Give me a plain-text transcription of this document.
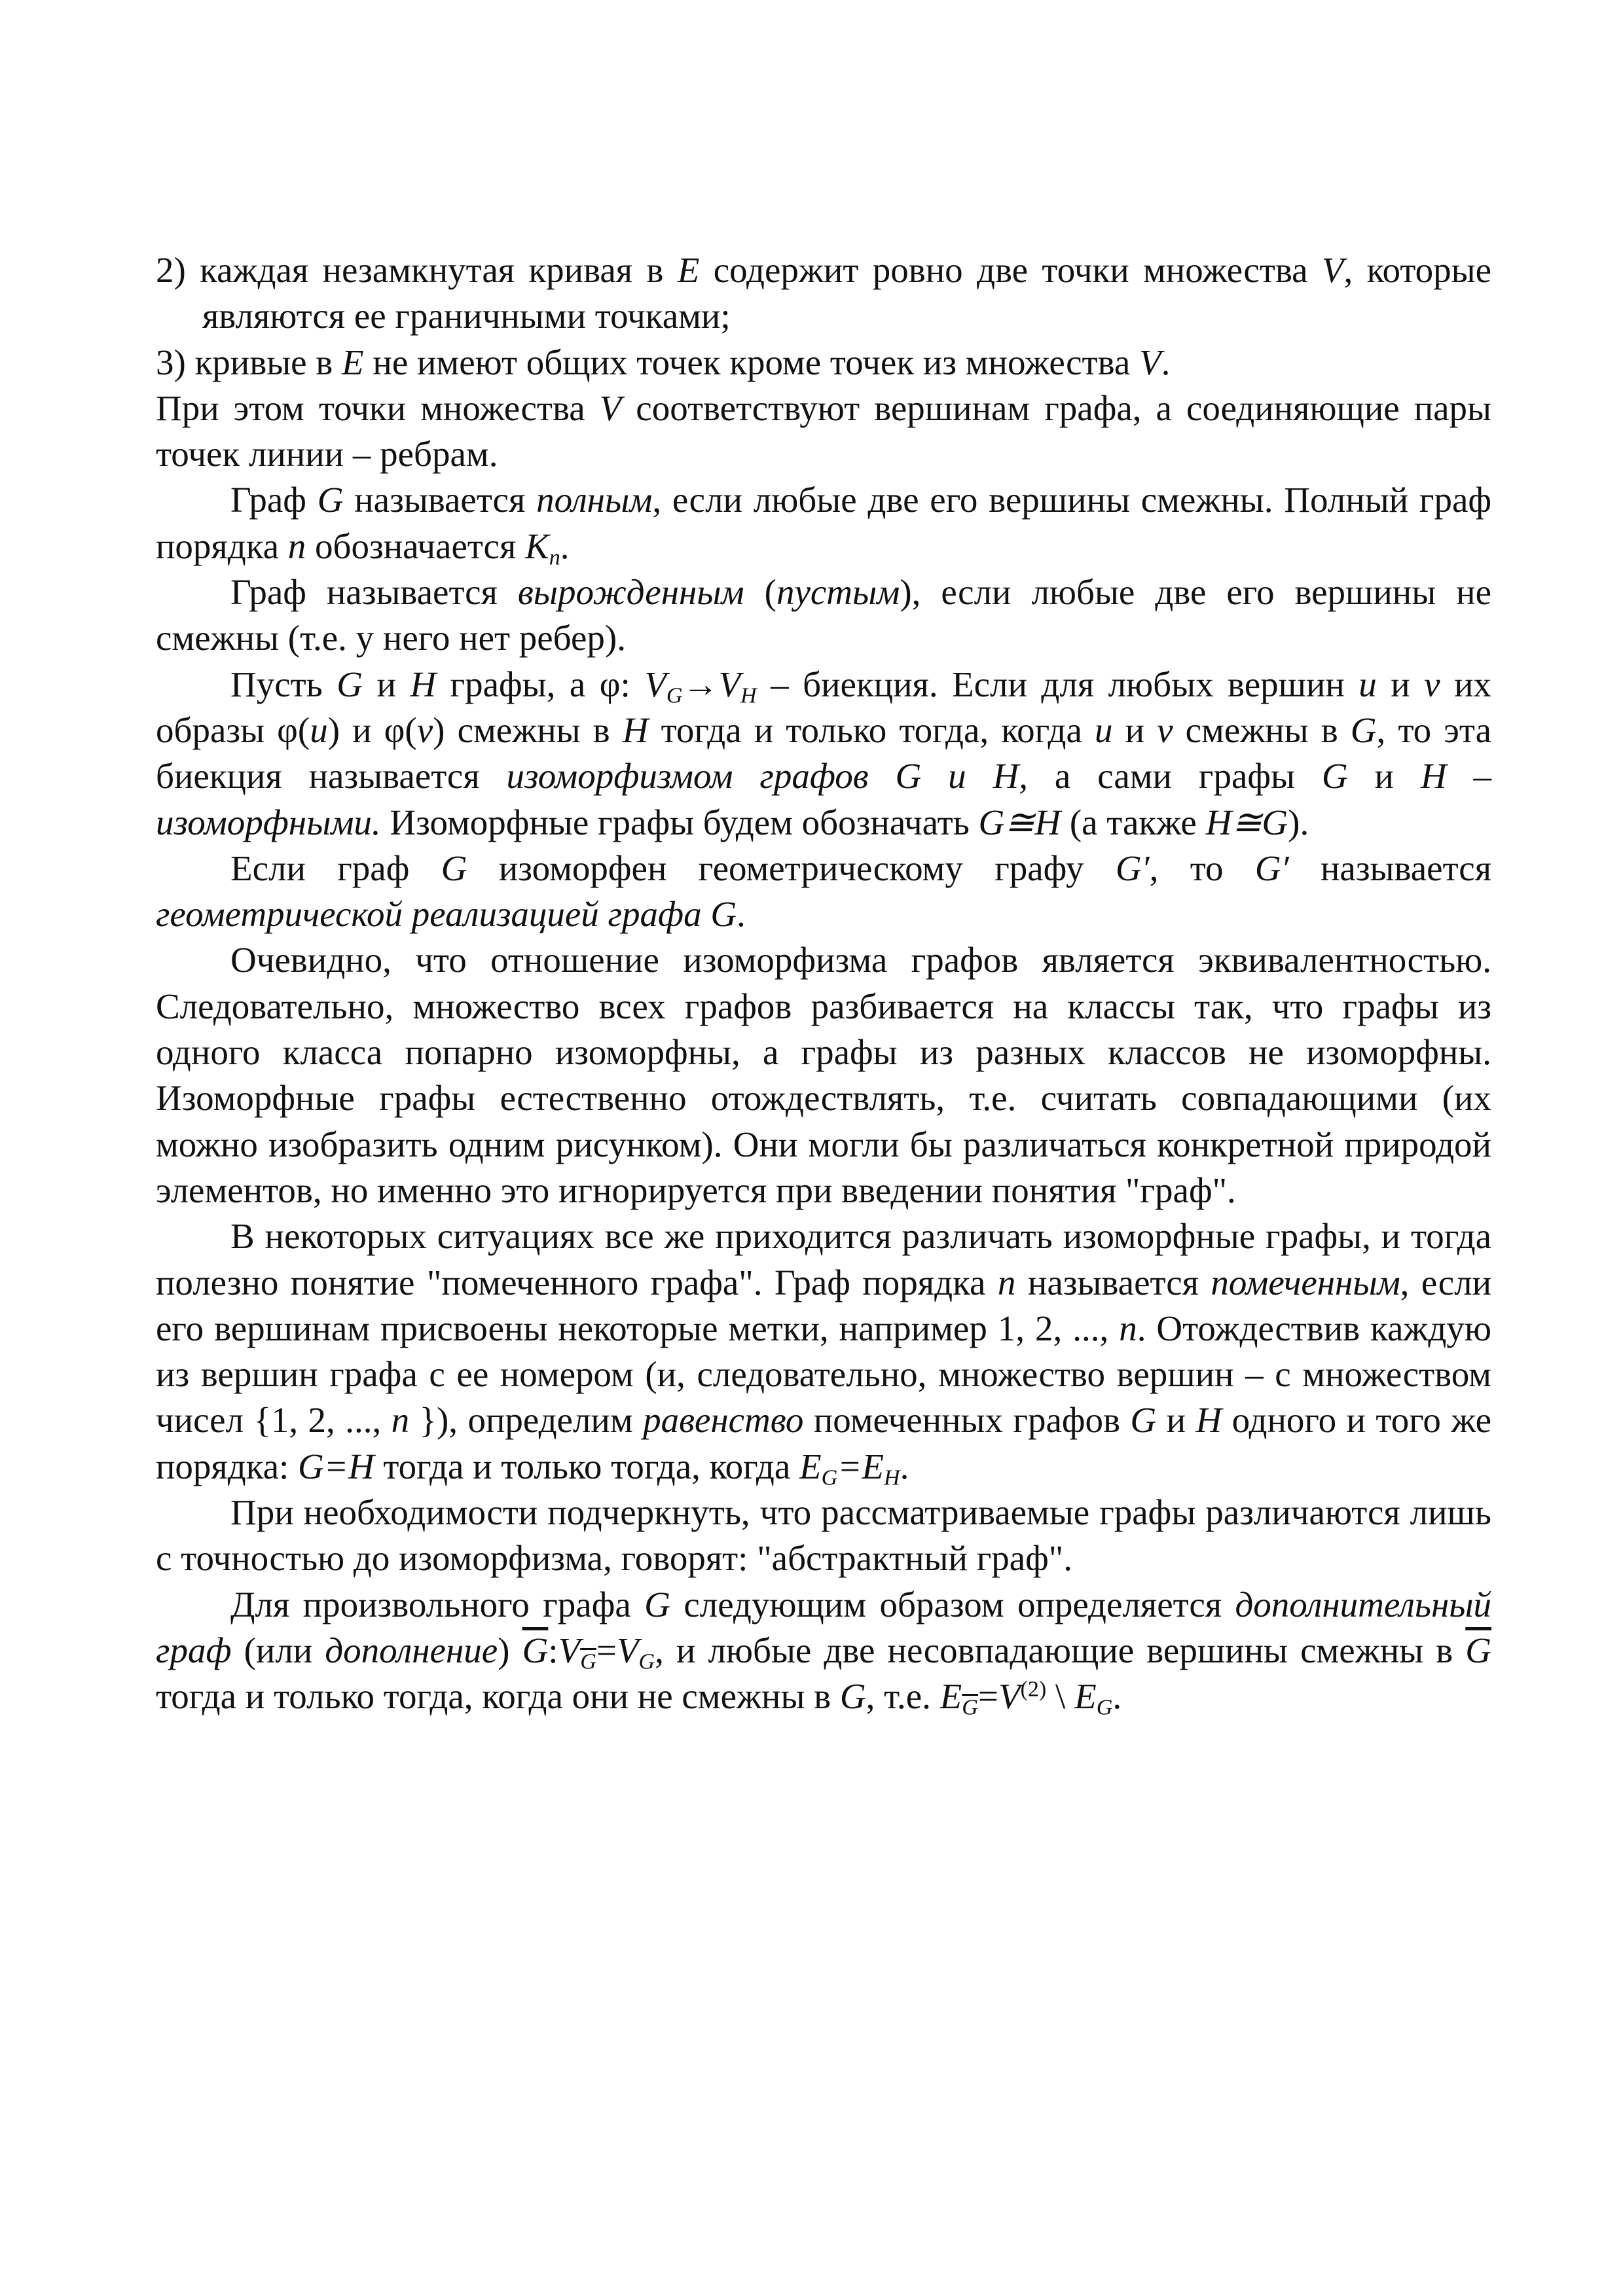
2) каждая незамкнутая кривая в E содержит ровно две точки множества V, которые являются ее граничными точками;

3) кривые в E не имеют общих точек кроме точек из множества V.

При этом точки множества V соответствуют вершинам графа, а соединяющие пары точек линии – ребрам.

Граф G называется полным, если любые две его вершины смежны. Полный граф порядка n обозначается $K_n$.

Граф называется вырожденным (пустым), если любые две его вершины не смежны (т.е. у него нет ребер).

Пусть G и H графы, а φ: $V_G\to V_H$ – биекция. Если для любых вершин u и v их образы φ(u) и φ(v) смежны в H тогда и только тогда, когда u и v смежны в G, то эта биекция называется изоморфизмом графов G и H, а сами графы G и H – изоморфными. Изоморфные графы будем обозначать G≅H (а также H≅G).

Если граф G изоморфен геометрическому графу G′, то G′ называется геометрической реализацией графа G.

Очевидно, что отношение изоморфизма графов является эквивалентностью. Следовательно, множество всех графов разбивается на классы так, что графы из одного класса попарно изоморфны, а графы из разных классов не изоморфны. Изоморфные графы естественно отождествлять, т.е. считать совпадающими (их можно изобразить одним рисунком). Они могли бы различаться конкретной природой элементов, но именно это игнорируется при введении понятия "граф".

В некоторых ситуациях все же приходится различать изоморфные графы, и тогда полезно понятие "помеченного графа". Граф порядка n называется помеченным, если его вершинам присвоены некоторые метки, например 1, 2, ..., n. Отождествив каждую из вершин графа с ее номером (и, следовательно, множество вершин – с множеством чисел {1, 2, ..., n }), определим равенство помеченных графов G и H одного и того же порядка: G=H тогда и только тогда, когда $E_G=E_H$.

При необходимости подчеркнуть, что рассматриваемые графы различаются лишь с точностью до изоморфизма, говорят: "абстрактный граф".

Для произвольного графа G следующим образом определяется дополнительный граф (или дополнение) $\overline{G}:V_{\overline{G}}=V_G$, и любые две несовпадающие вершины смежны в $\overline{G}$ тогда и только тогда, когда они не смежны в G, т.е. $E_{\overline{G}}=V^{(2)}$ \ $E_G$.
